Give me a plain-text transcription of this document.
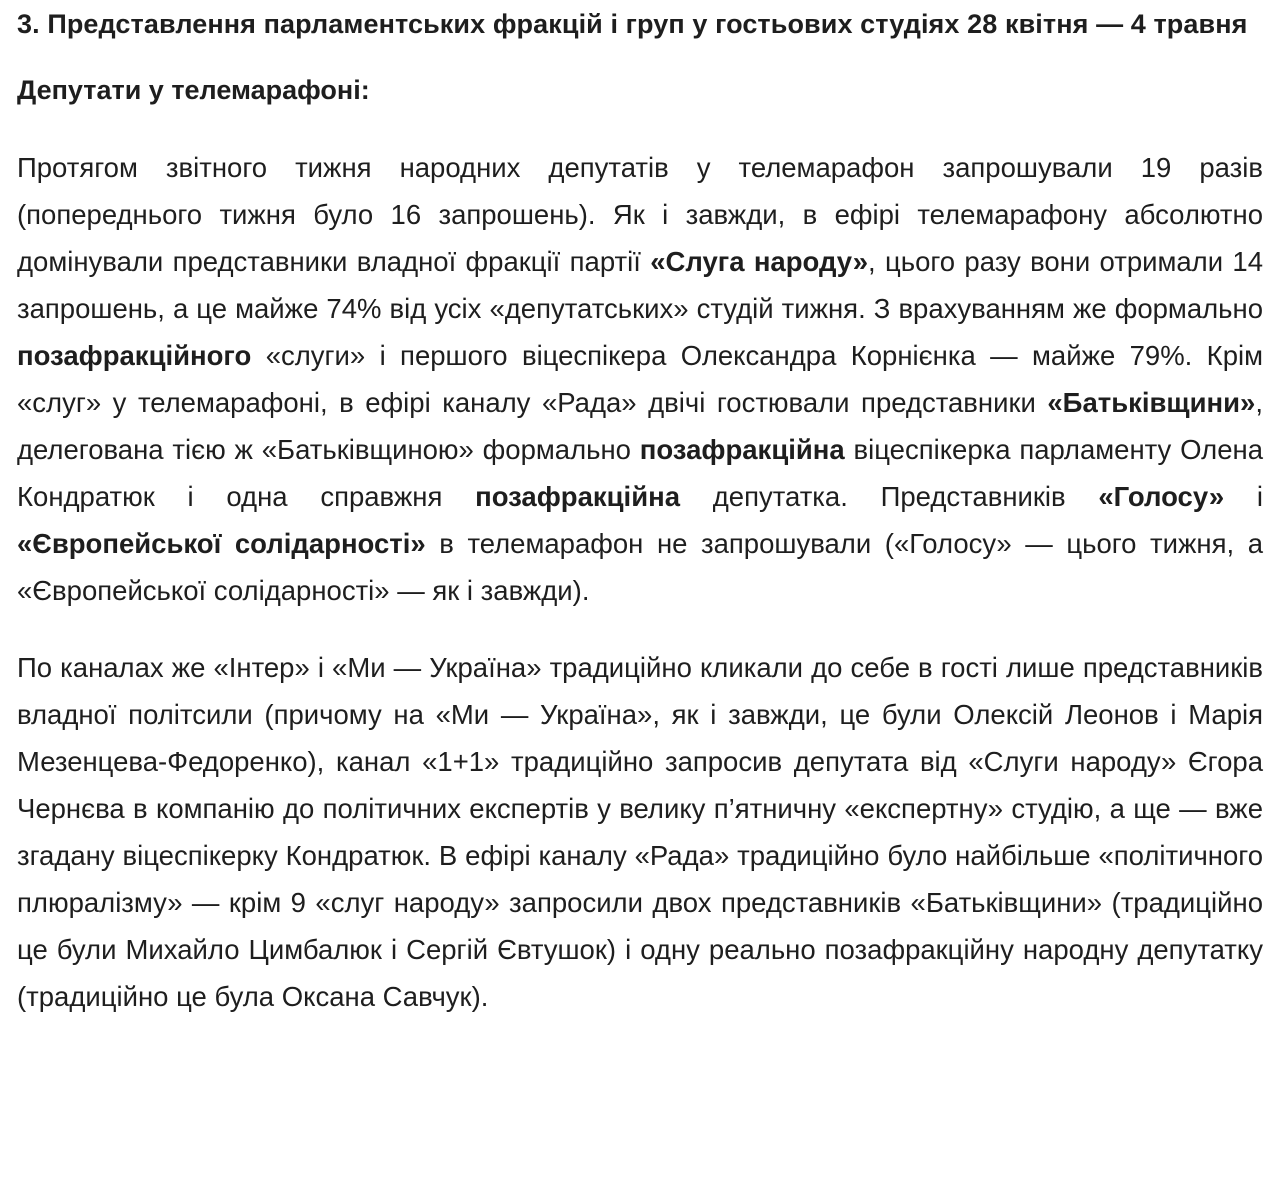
3. Представлення парламентських фракцій і груп у гостьових студіях 28 квітня — 4 травня
Депутати у телемарафоні:

Протягом звітного тижня народних депутатів у телемарафон запрошували 19 разів (попереднього тижня було 16 запрошень). Як і завжди, в ефірі телемарафону абсолютно домінували представники владної фракції партії «Слуга народу», цього разу вони отримали 14 запрошень, а це майже 74% від усіх «депутатських» студій тижня. З врахуванням же формально позафракційного «слуги» і першого віцеспікера Олександра Корнієнка — майже 79%. Крім «слуг» у телемарафоні, в ефірі каналу «Рада» двічі гостювали представники «Батьківщини», делегована тією ж «Батьківщиною» формально позафракційна віцеспікерка парламенту Олена Кондратюк і одна справжня позафракційна депутатка. Представників «Голосу» і «Європейської солідарності» в телемарафон не запрошували («Голосу» — цього тижня, а «Європейської солідарності» — як і завжди).

По каналах же «Інтер» і «Ми — Україна» традиційно кликали до себе в гості лише представників владної політсили (причому на «Ми — Україна», як і завжди, це були Олексій Леонов і Марія Мезенцева-Федоренко), канал «1+1» традиційно запросив депутата від «Слуги народу» Єгора Чернєва в компанію до політичних експертів у велику п’ятничну «експертну» студію, а ще — вже згадану віцеспікерку Кондратюк. В ефірі каналу «Рада» традиційно було найбільше «політичного плюралізму» — крім 9 «слуг народу» запросили двох представників «Батьківщини» (традиційно це були Михайло Цимбалюк і Сергій Євтушок) і одну реально позафракційну народну депутатку (традиційно це була Оксана Савчук).
